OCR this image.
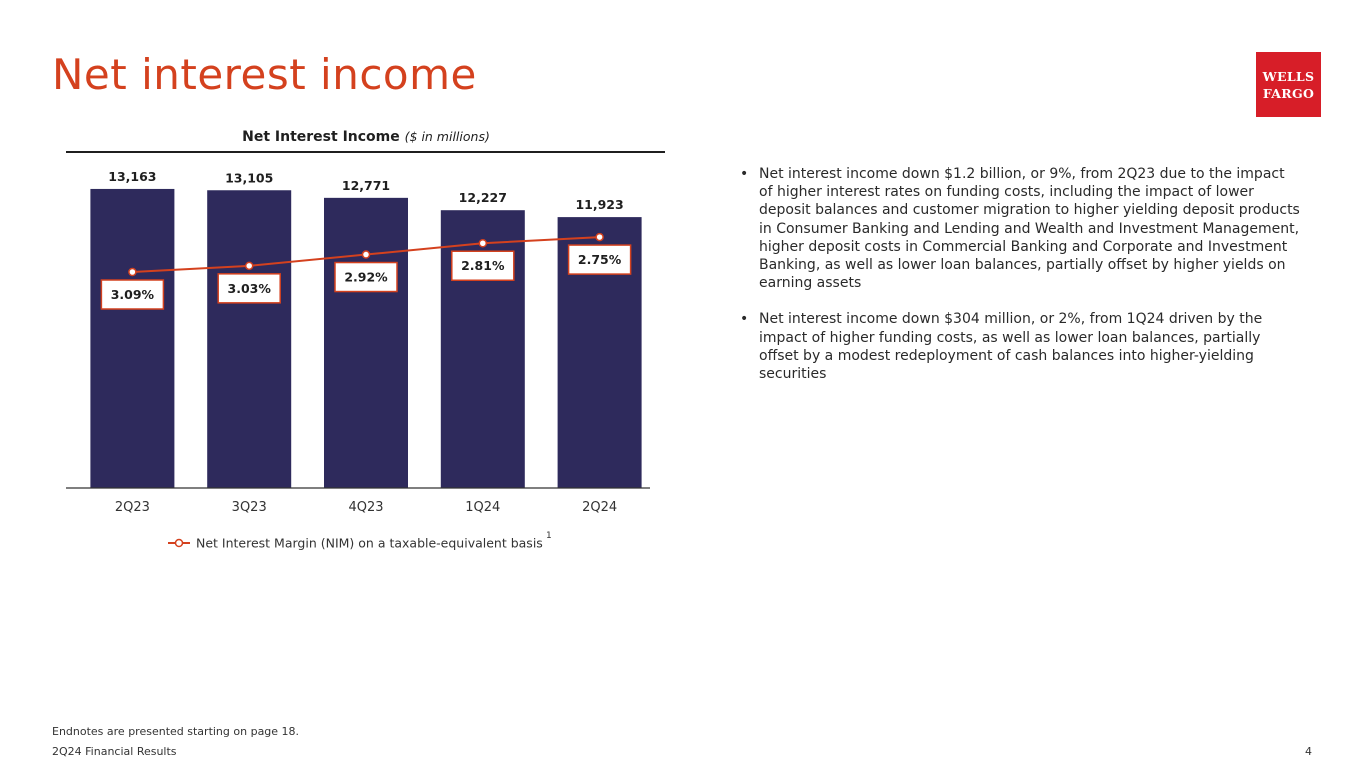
Net interest income	WELLS
FARGO
Net Interest Income ($ in millions)
13,163
2Q23
13,105
3Q23
12,771
4Q23
12,227
1Q24
11,923
2Q24
3.09%	3.03%
2.92%
2.81%	2.75%
Net Interest Margin (NIM) on a taxable-equivalent basis 1
• Net interest income down $1.2 billion, or 9%, from 2Q23 due to the impact of higher interest rates on funding costs, including the impact of lower deposit balances and customer migration to higher yielding deposit products in Consumer Banking and Lending and Wealth and Investment Management, higher deposit costs in Commercial Banking and Corporate and Investment Banking, as well as lower loan balances, partially offset by higher yields on earning assets
• Net interest income down $304 million, or 2%, from 1Q24 driven by the impact of higher funding costs, as well as lower loan balances, partially offset by a modest redeployment of cash balances into higher-yielding securities
Endnotes are presented starting on page 18.
2Q24 Financial Results	4
